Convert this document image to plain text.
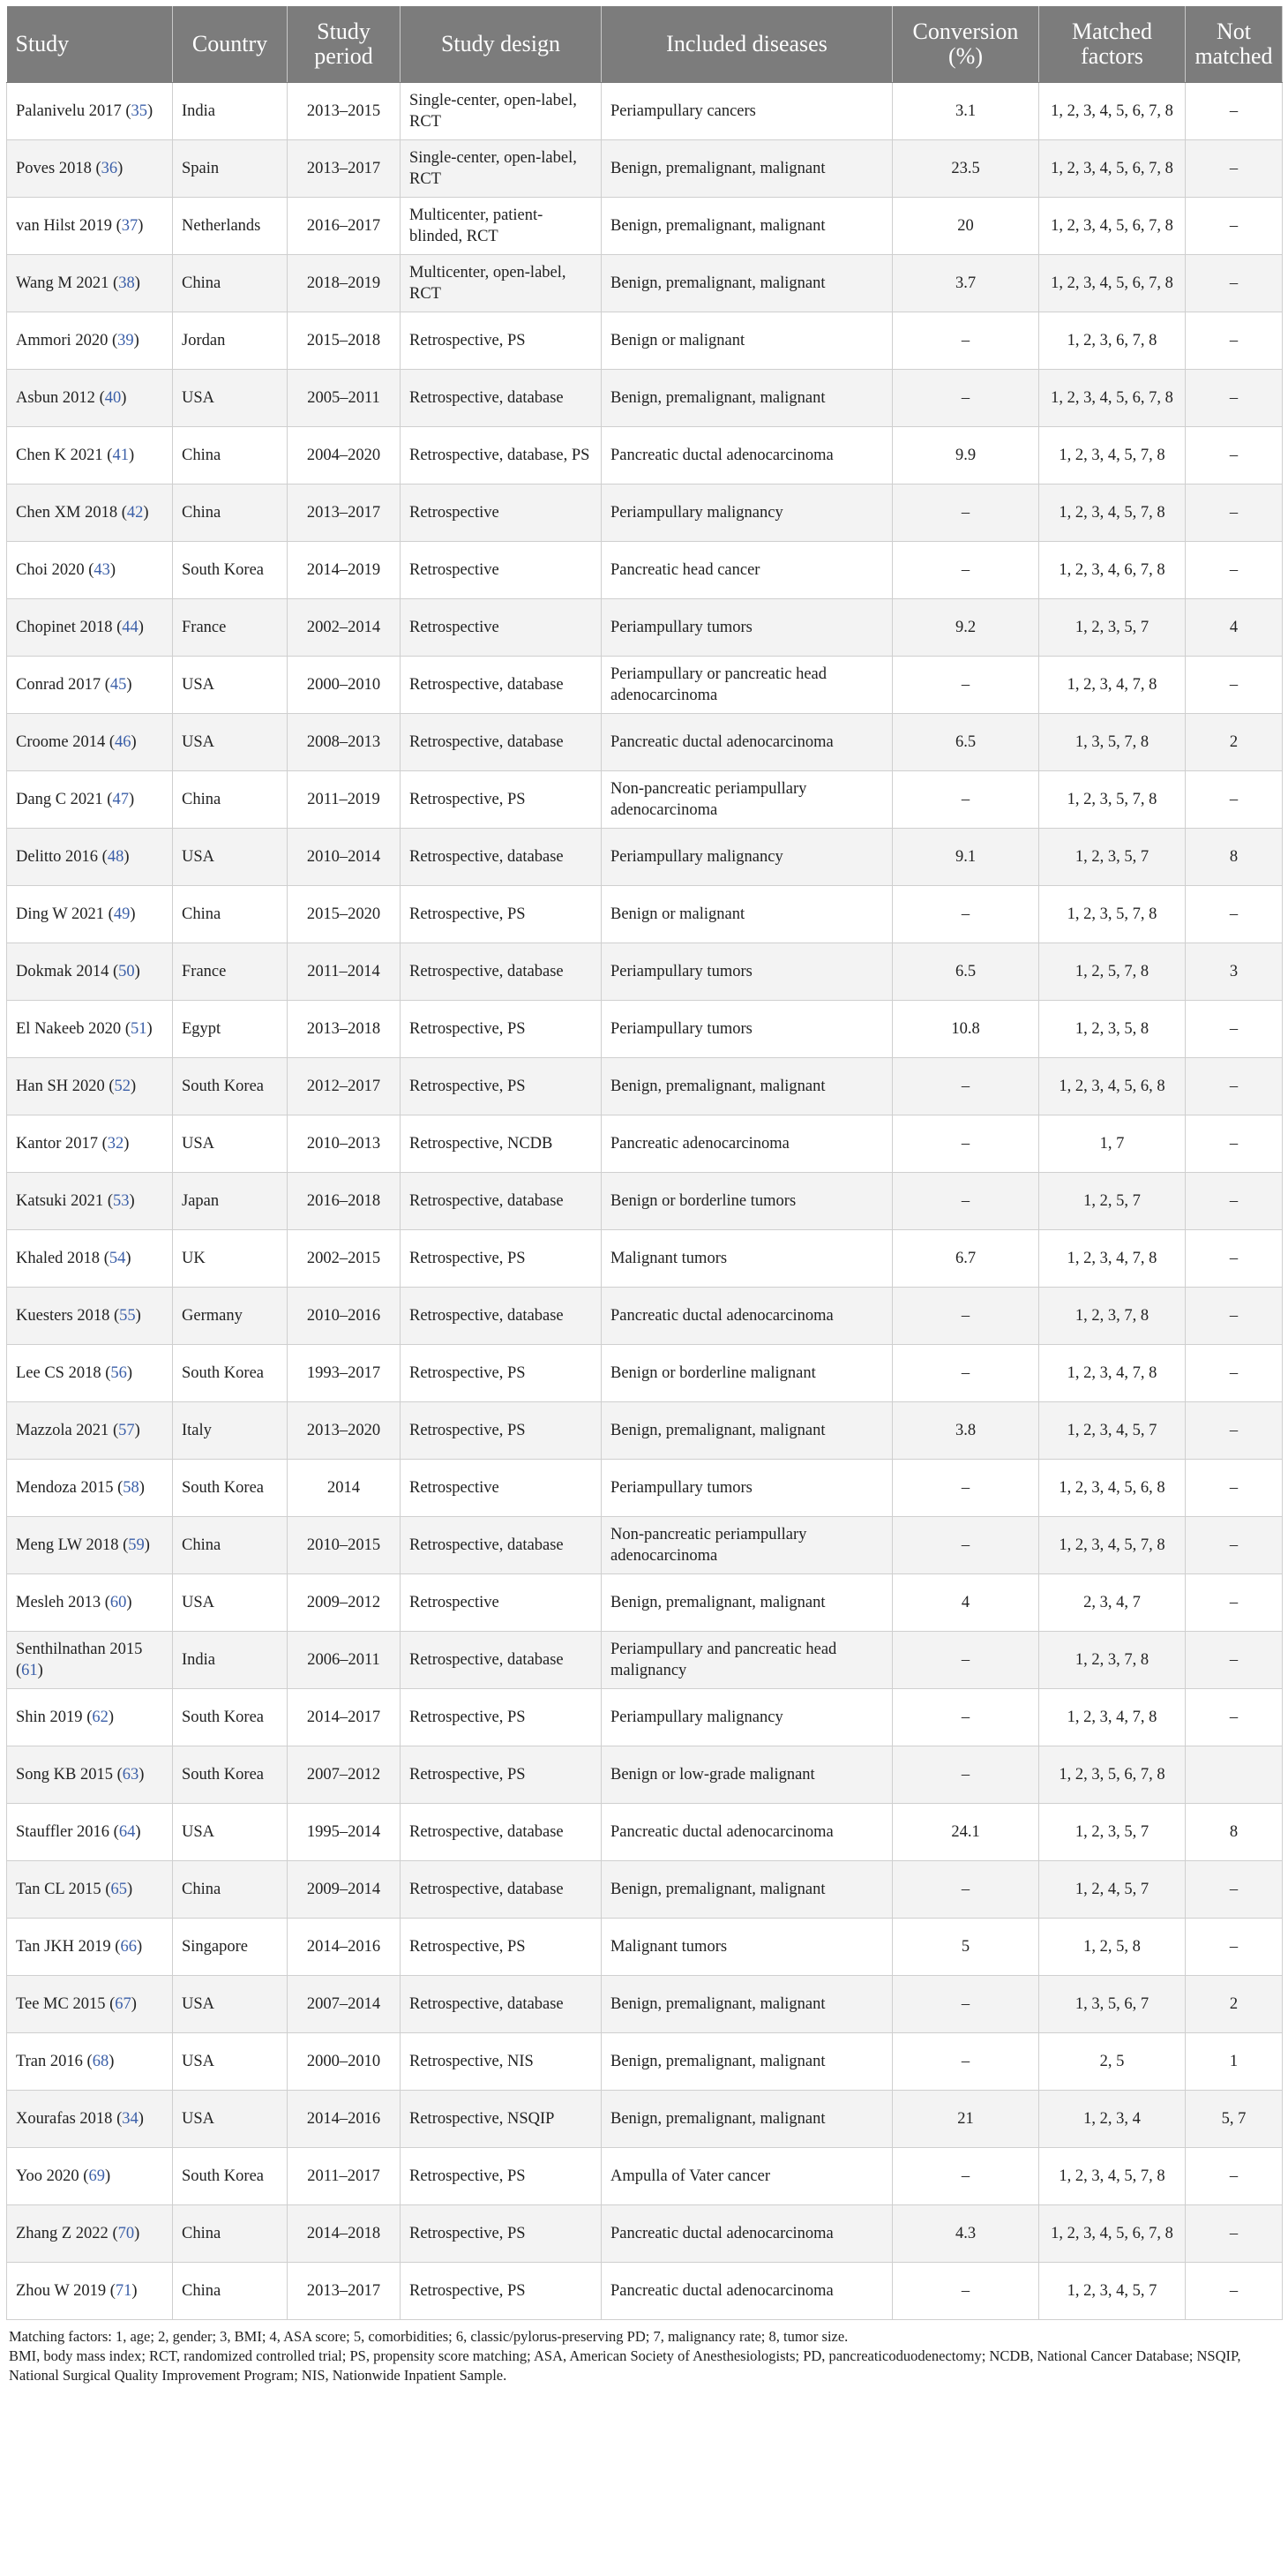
Study	Country	Study period	Study design	Included diseases	Conversion (%)	Matched factors	Not matched
Palanivelu 2017 (35)	India	2013–2015	Single-center, open-label, RCT	Periampullary cancers	3.1	1, 2, 3, 4, 5, 6, 7, 8	–
Poves 2018 (36)	Spain	2013–2017	Single-center, open-label, RCT	Benign, premalignant, malignant	23.5	1, 2, 3, 4, 5, 6, 7, 8	–
van Hilst 2019 (37)	Netherlands	2016–2017	Multicenter, patient-blinded, RCT	Benign, premalignant, malignant	20	1, 2, 3, 4, 5, 6, 7, 8	–
Wang M 2021 (38)	China	2018–2019	Multicenter, open-label, RCT	Benign, premalignant, malignant	3.7	1, 2, 3, 4, 5, 6, 7, 8	–
Ammori 2020 (39)	Jordan	2015–2018	Retrospective, PS	Benign or malignant	–	1, 2, 3, 6, 7, 8	–
Asbun 2012 (40)	USA	2005–2011	Retrospective, database	Benign, premalignant, malignant	–	1, 2, 3, 4, 5, 6, 7, 8	–
Chen K 2021 (41)	China	2004–2020	Retrospective, database, PS	Pancreatic ductal adenocarcinoma	9.9	1, 2, 3, 4, 5, 7, 8	–
Chen XM 2018 (42)	China	2013–2017	Retrospective	Periampullary malignancy	–	1, 2, 3, 4, 5, 7, 8	–
Choi 2020 (43)	South Korea	2014–2019	Retrospective	Pancreatic head cancer	–	1, 2, 3, 4, 6, 7, 8	–
Chopinet 2018 (44)	France	2002–2014	Retrospective	Periampullary tumors	9.2	1, 2, 3, 5, 7	4
Conrad 2017 (45)	USA	2000–2010	Retrospective, database	Periampullary or pancreatic head adenocarcinoma	–	1, 2, 3, 4, 7, 8	–
Croome 2014 (46)	USA	2008–2013	Retrospective, database	Pancreatic ductal adenocarcinoma	6.5	1, 3, 5, 7, 8	2
Dang C 2021 (47)	China	2011–2019	Retrospective, PS	Non-pancreatic periampullary adenocarcinoma	–	1, 2, 3, 5, 7, 8	–
Delitto 2016 (48)	USA	2010–2014	Retrospective, database	Periampullary malignancy	9.1	1, 2, 3, 5, 7	8
Ding W 2021 (49)	China	2015–2020	Retrospective, PS	Benign or malignant	–	1, 2, 3, 5, 7, 8	–
Dokmak 2014 (50)	France	2011–2014	Retrospective, database	Periampullary tumors	6.5	1, 2, 5, 7, 8	3
El Nakeeb 2020 (51)	Egypt	2013–2018	Retrospective, PS	Periampullary tumors	10.8	1, 2, 3, 5, 8	–
Han SH 2020 (52)	South Korea	2012–2017	Retrospective, PS	Benign, premalignant, malignant	–	1, 2, 3, 4, 5, 6, 8	–
Kantor 2017 (32)	USA	2010–2013	Retrospective, NCDB	Pancreatic adenocarcinoma	–	1, 7	–
Katsuki 2021 (53)	Japan	2016–2018	Retrospective, database	Benign or borderline tumors	–	1, 2, 5, 7	–
Khaled 2018 (54)	UK	2002–2015	Retrospective, PS	Malignant tumors	6.7	1, 2, 3, 4, 7, 8	–
Kuesters 2018 (55)	Germany	2010–2016	Retrospective, database	Pancreatic ductal adenocarcinoma	–	1, 2, 3, 7, 8	–
Lee CS 2018 (56)	South Korea	1993–2017	Retrospective, PS	Benign or borderline malignant	–	1, 2, 3, 4, 7, 8	–
Mazzola 2021 (57)	Italy	2013–2020	Retrospective, PS	Benign, premalignant, malignant	3.8	1, 2, 3, 4, 5, 7	–
Mendoza 2015 (58)	South Korea	2014	Retrospective	Periampullary tumors	–	1, 2, 3, 4, 5, 6, 8	–
Meng LW 2018 (59)	China	2010–2015	Retrospective, database	Non-pancreatic periampullary adenocarcinoma	–	1, 2, 3, 4, 5, 7, 8	–
Mesleh 2013 (60)	USA	2009–2012	Retrospective	Benign, premalignant, malignant	4	2, 3, 4, 7	–
Senthilnathan 2015 (61)	India	2006–2011	Retrospective, database	Periampullary and pancreatic head malignancy	–	1, 2, 3, 7, 8	–
Shin 2019 (62)	South Korea	2014–2017	Retrospective, PS	Periampullary malignancy	–	1, 2, 3, 4, 7, 8	–
Song KB 2015 (63)	South Korea	2007–2012	Retrospective, PS	Benign or low-grade malignant	–	1, 2, 3, 5, 6, 7, 8	
Stauffler 2016 (64)	USA	1995–2014	Retrospective, database	Pancreatic ductal adenocarcinoma	24.1	1, 2, 3, 5, 7	8
Tan CL 2015 (65)	China	2009–2014	Retrospective, database	Benign, premalignant, malignant	–	1, 2, 4, 5, 7	–
Tan JKH 2019 (66)	Singapore	2014–2016	Retrospective, PS	Malignant tumors	5	1, 2, 5, 8	–
Tee MC 2015 (67)	USA	2007–2014	Retrospective, database	Benign, premalignant, malignant	–	1, 3, 5, 6, 7	2
Tran 2016 (68)	USA	2000–2010	Retrospective, NIS	Benign, premalignant, malignant	–	2, 5	1
Xourafas 2018 (34)	USA	2014–2016	Retrospective, NSQIP	Benign, premalignant, malignant	21	1, 2, 3, 4	5, 7
Yoo 2020 (69)	South Korea	2011–2017	Retrospective, PS	Ampulla of Vater cancer	–	1, 2, 3, 4, 5, 7, 8	–
Zhang Z 2022 (70)	China	2014–2018	Retrospective, PS	Pancreatic ductal adenocarcinoma	4.3	1, 2, 3, 4, 5, 6, 7, 8	–
Zhou W 2019 (71)	China	2013–2017	Retrospective, PS	Pancreatic ductal adenocarcinoma	–	1, 2, 3, 4, 5, 7	–

Matching factors: 1, age; 2, gender; 3, BMI; 4, ASA score; 5, comorbidities; 6, classic/pylorus-preserving PD; 7, malignancy rate; 8, tumor size.

BMI, body mass index; RCT, randomized controlled trial; PS, propensity score matching; ASA, American Society of Anesthesiologists; PD, pancreaticoduodenectomy; NCDB, National Cancer Database; NSQIP, National Surgical Quality Improvement Program; NIS, Nationwide Inpatient Sample.
